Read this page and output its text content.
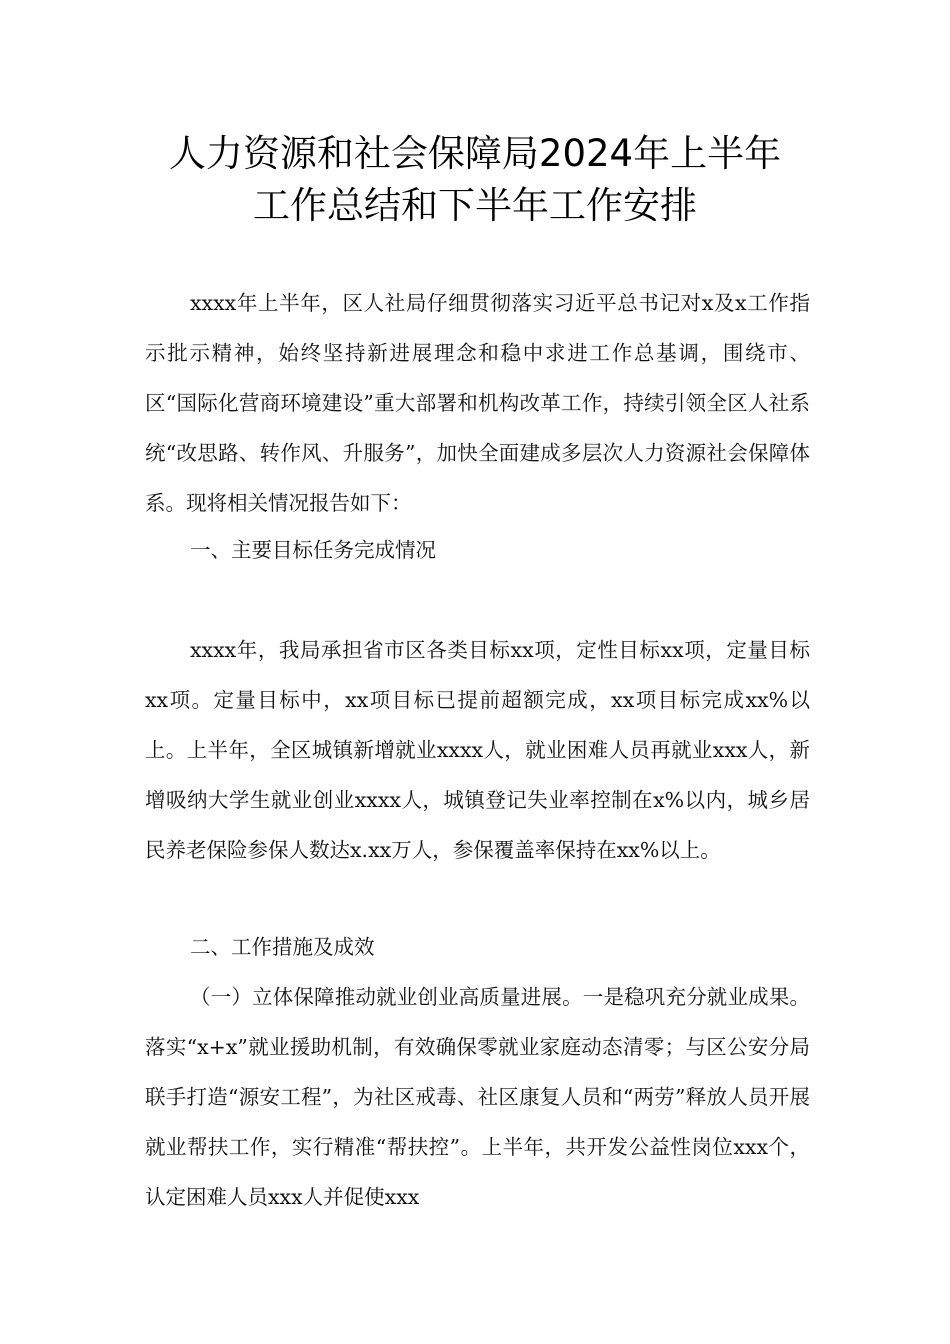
人力资源和社会保障局2024年上半年
工作总结和下半年工作安排
xxxx年上半年，区人社局仔细贯彻落实习近平总书记对x及x工作指示批示精神，始终坚持新进展理念和稳中求进工作总基调，围绕市、区“国际化营商环境建设”重大部署和机构改革工作，持续引领全区人社系统“改思路、转作风、升服务”，加快全面建成多层次人力资源社会保障体系。现将相关情况报告如下：
一、主要目标任务完成情况
xxxx年，我局承担省市区各类目标xx项，定性目标xx项，定量目标xx项。定量目标中，xx项目标已提前超额完成，xx项目标完成xx%以上。上半年，全区城镇新增就业xxxx人，就业困难人员再就业xxx人，新增吸纳大学生就业创业xxxx人，城镇登记失业率控制在x%以内，城乡居民养老保险参保人数达x.xx万人，参保覆盖率保持在xx%以上。
二、工作措施及成效
（一）立体保障推动就业创业高质量进展。一是稳巩充分就业成果。落实“x+x”就业援助机制，有效确保零就业家庭动态清零；与区公安分局联手打造“源安工程”，为社区戒毒、社区康复人员和“两劳”释放人员开展就业帮扶工作，实行精准“帮扶控”。上半年，共开发公益性岗位xxx个，认定困难人员xxx人并促使xxx
